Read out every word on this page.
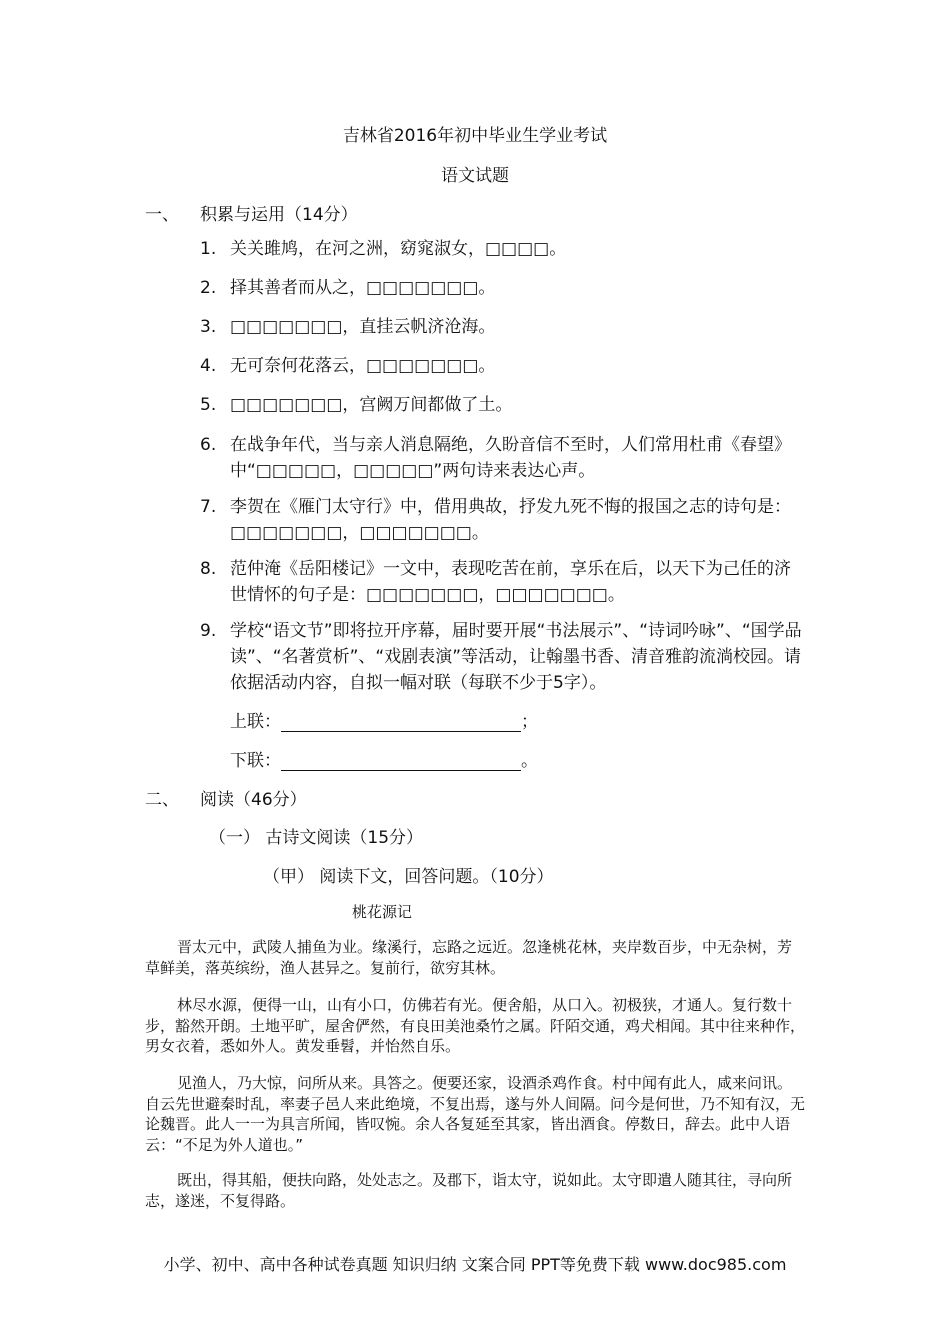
吉林省2016年初中毕业生学业考试
语文试题
一、 积累与运用（14分）
1. 关关雎鸠，在河之洲，窈窕淑女，□□□□。
2. 择其善者而从之，□□□□□□□。
3. □□□□□□□，直挂云帆济沧海。
4. 无可奈何花落云，□□□□□□□。
5. □□□□□□□，宫阙万间都做了土。
6. 在战争年代，当与亲人消息隔绝，久盼音信不至时，人们常用杜甫《春望》中“□□□□□，□□□□□”两句诗来表达心声。
7. 李贺在《雁门太守行》中，借用典故，抒发九死不悔的报国之志的诗句是：□□□□□□□，□□□□□□□。
8. 范仲淹《岳阳楼记》一文中，表现吃苦在前，享乐在后，以天下为己任的济世情怀的句子是：□□□□□□□，□□□□□□□。
9. 学校“语文节”即将拉开序幕，届时要开展“书法展示”、“诗词吟咏”、“国学品读”、“名著赏析”、“戏剧表演”等活动，让翰墨书香、清音雅韵流淌校园。请依据活动内容，自拟一幅对联（每联不少于5字）。
上联：	；
下联：	。
二、 阅读（46分）
（一） 古诗文阅读（15分）
（甲） 阅读下文，回答问题。（10分）
桃花源记
晋太元中，武陵人捕鱼为业。缘溪行，忘路之远近。忽逢桃花林，夹岸数百步，中无杂树，芳草鲜美，落英缤纷，渔人甚异之。复前行，欲穷其林。
林尽水源，便得一山，山有小口，仿佛若有光。便舍船，从口入。初极狭，才通人。复行数十步，豁然开朗。土地平旷，屋舍俨然，有良田美池桑竹之属。阡陌交通，鸡犬相闻。其中往来种作，男女衣着，悉如外人。黄发垂髫，并怡然自乐。
见渔人，乃大惊，问所从来。具答之。便要还家，设酒杀鸡作食。村中闻有此人，咸来问讯。自云先世避秦时乱，率妻子邑人来此绝境，不复出焉，遂与外人间隔。问今是何世，乃不知有汉，无论魏晋。此人一一为具言所闻，皆叹惋。余人各复延至其家，皆出酒食。停数日，辞去。此中人语云：“不足为外人道也。”
既出，得其船，便扶向路，处处志之。及郡下，诣太守，说如此。太守即遣人随其往，寻向所志，遂迷，不复得路。
小学、初中、高中各种试卷真题 知识归纳 文案合同 PPT等免费下载 www.doc985.com
